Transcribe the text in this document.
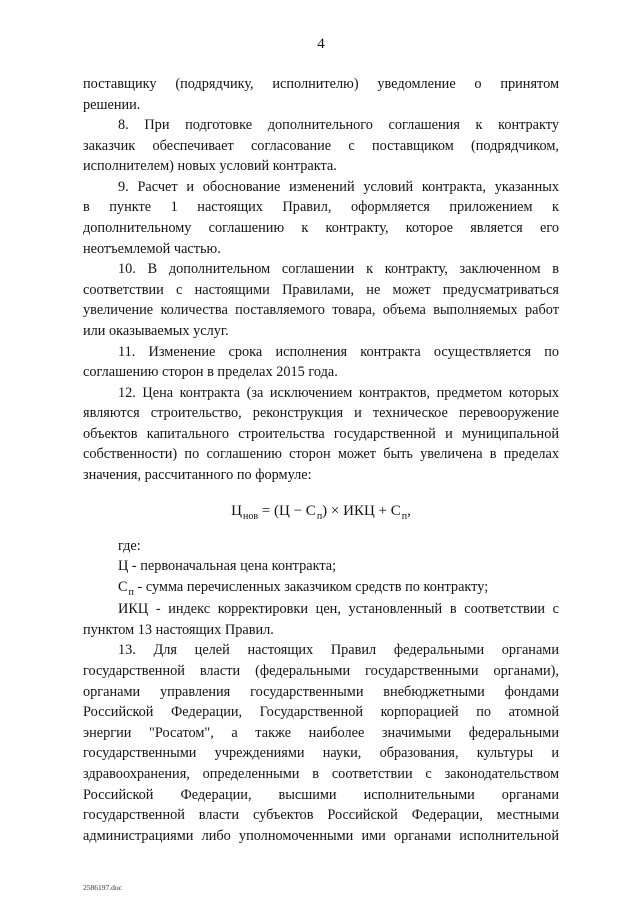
4
поставщику (подрядчику, исполнителю) уведомление о принятом
решении.
8. При подготовке дополнительного соглашения к контракту
заказчик обеспечивает согласование с поставщиком (подрядчиком,
исполнителем) новых условий контракта.
9. Расчет и обоснование изменений условий контракта, указанных
в пункте 1 настоящих Правил, оформляется приложением к
дополнительному соглашению к контракту, которое является его
неотъемлемой частью.
10. В дополнительном соглашении к контракту, заключенном в
соответствии с настоящими Правилами, не может предусматриваться
увеличение количества поставляемого товара, объема выполняемых работ
или оказываемых услуг.
11. Изменение срока исполнения контракта осуществляется по
соглашению сторон в пределах 2015 года.
12. Цена контракта (за исключением контрактов, предметом которых
являются строительство, реконструкция и техническое перевооружение
объектов капитального строительства государственной и муниципальной
собственности) по соглашению сторон может быть увеличена в пределах
значения, рассчитанного по формуле:
$Ц_{нов} = (Ц - С_п)$ × ИКЦ + $С_п$,
где:
Ц - первоначальная цена контракта;
$С_п$ - сумма перечисленных заказчиком средств по контракту;
ИКЦ - индекс корректировки цен, установленный в соответствии с
пунктом 13 настоящих Правил.
13. Для целей настоящих Правил федеральными органами
государственной власти (федеральными государственными органами),
органами управления государственными внебюджетными фондами
Российской Федерации, Государственной корпорацией по атомной
энергии "Росатом", а также наиболее значимыми федеральными
государственными учреждениями науки, образования, культуры и
здравоохранения, определенными в соответствии с законодательством
Российской Федерации, высшими исполнительными органами
государственной власти субъектов Российской Федерации, местными
администрациями либо уполномоченными ими органами исполнительной
2586197.doc
